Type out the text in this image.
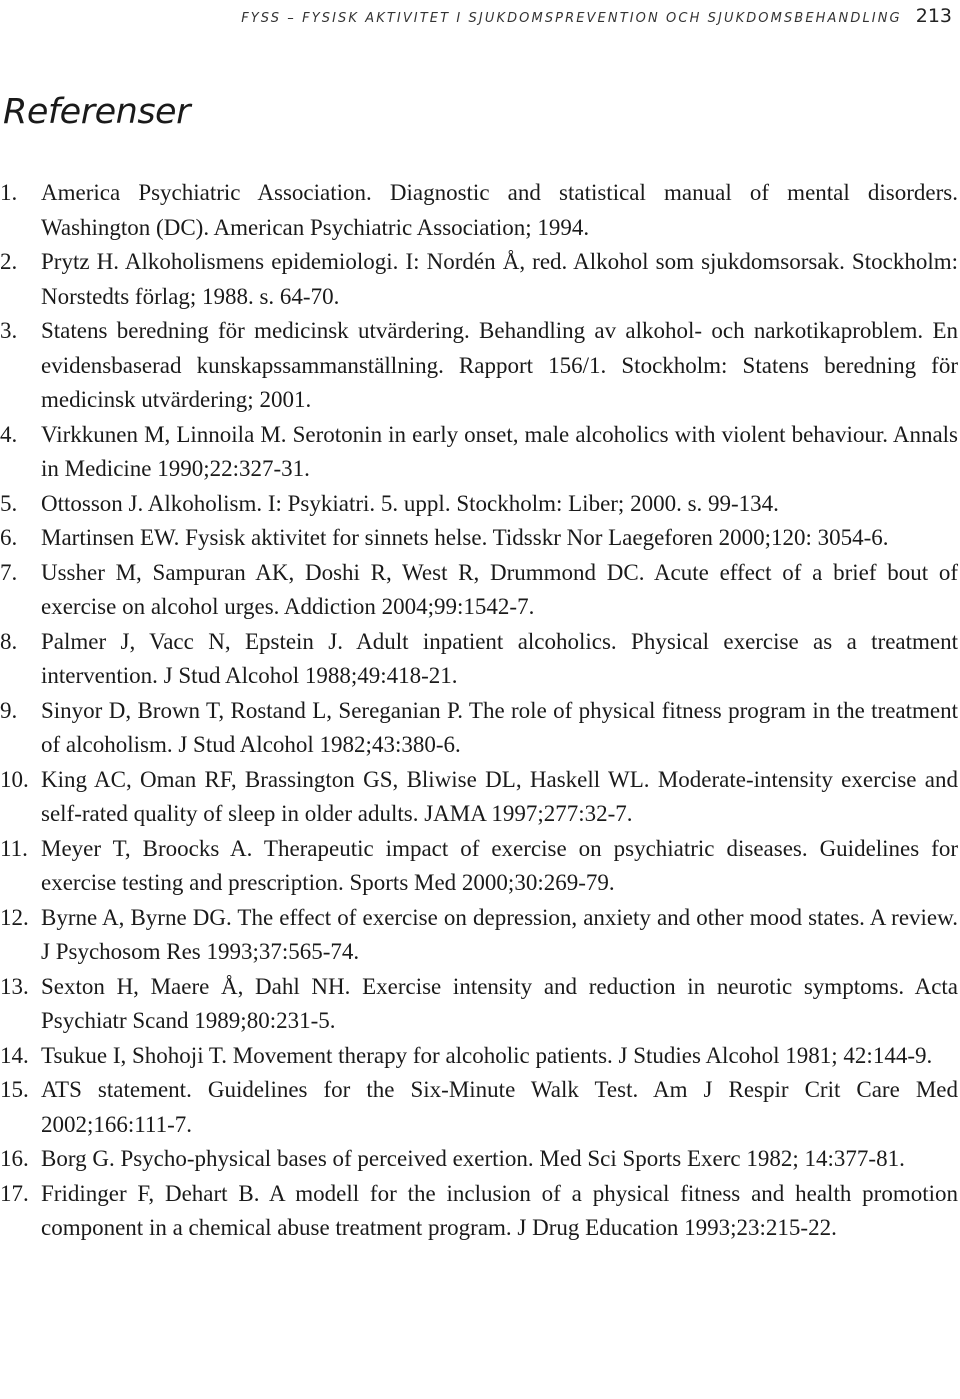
FYSS – FYSISK AKTIVITET I SJUKDOMSPREVENTION OCH SJUKDOMSBEHANDLING 213
Referenser
1.	America Psychiatric Association. Diagnostic and statistical manual of mental disorders. Washington (DC). American Psychiatric Association; 1994.
2.	Prytz H. Alkoholismens epidemiologi. I: Nordén Å, red. Alkohol som sjukdomsorsak. Stockholm: Norstedts förlag; 1988. s. 64-70.
3.	Statens beredning för medicinsk utvärdering. Behandling av alkohol- och narkotikaproblem. En evidensbaserad kunskapssammanställning. Rapport 156/1. Stockholm: Statens beredning för medicinsk utvärdering; 2001.
4.	Virkkunen M, Linnoila M. Serotonin in early onset, male alcoholics with violent behaviour. Annals in Medicine 1990;22:327-31.
5.	Ottosson J. Alkoholism. I: Psykiatri. 5. uppl. Stockholm: Liber; 2000. s. 99-134.
6.	Martinsen EW. Fysisk aktivitet for sinnets helse. Tidsskr Nor Laegeforen 2000;120: 3054-6.
7.	Ussher M, Sampuran AK, Doshi R, West R, Drummond DC. Acute effect of a brief bout of exercise on alcohol urges. Addiction 2004;99:1542-7.
8.	Palmer J, Vacc N, Epstein J. Adult inpatient alcoholics. Physical exercise as a treatment intervention. J Stud Alcohol 1988;49:418-21.
9.	Sinyor D, Brown T, Rostand L, Sereganian P. The role of physical fitness program in the treatment of alcoholism. J Stud Alcohol 1982;43:380-6.
10. King AC, Oman RF, Brassington GS, Bliwise DL, Haskell WL. Moderate-intensity exercise and self-rated quality of sleep in older adults. JAMA 1997;277:32-7.
11. Meyer T, Broocks A. Therapeutic impact of exercise on psychiatric diseases. Guidelines for exercise testing and prescription. Sports Med 2000;30:269-79.
12. Byrne A, Byrne DG. The effect of exercise on depression, anxiety and other mood states. A review. J Psychosom Res 1993;37:565-74.
13. Sexton H, Maere Å, Dahl NH. Exercise intensity and reduction in neurotic symptoms. Acta Psychiatr Scand 1989;80:231-5.
14. Tsukue I, Shohoji T. Movement therapy for alcoholic patients. J Studies Alcohol 1981; 42:144-9.
15. ATS statement. Guidelines for the Six-Minute Walk Test. Am J Respir Crit Care Med 2002;166:111-7.
16. Borg G. Psycho-physical bases of perceived exertion. Med Sci Sports Exerc 1982; 14:377-81.
17. Fridinger F, Dehart B. A modell for the inclusion of a physical fitness and health promotion component in a chemical abuse treatment program. J Drug Education 1993;23:215-22.
